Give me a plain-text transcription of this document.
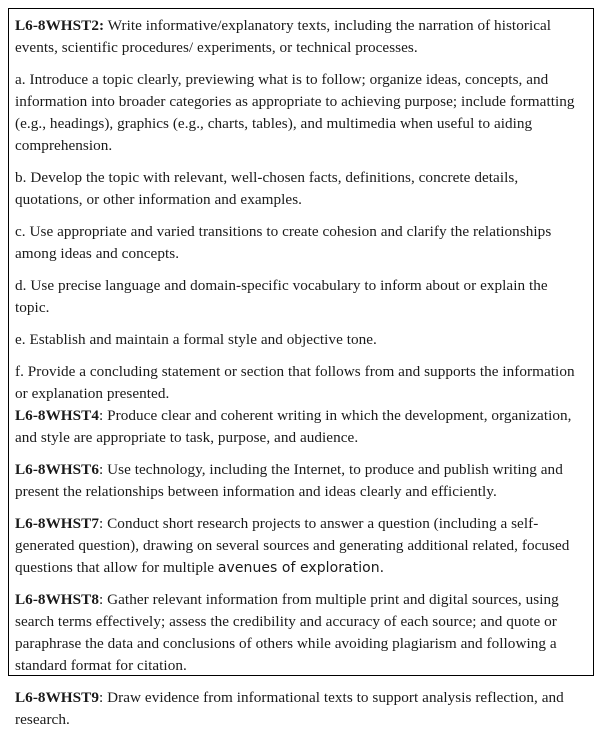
L6-8WHST2: Write informative/explanatory texts, including the narration of historical events, scientific procedures/ experiments, or technical processes.

a. Introduce a topic clearly, previewing what is to follow; organize ideas, concepts, and information into broader categories as appropriate to achieving purpose; include formatting (e.g., headings), graphics (e.g., charts, tables), and multimedia when useful to aiding comprehension.

b. Develop the topic with relevant, well-chosen facts, definitions, concrete details, quotations, or other information and examples.

c. Use appropriate and varied transitions to create cohesion and clarify the relationships among ideas and concepts.

d. Use precise language and domain-specific vocabulary to inform about or explain the topic.

e. Establish and maintain a formal style and objective tone.

f. Provide a concluding statement or section that follows from and supports the information or explanation presented.

L6-8WHST4: Produce clear and coherent writing in which the development, organization, and style are appropriate to task, purpose, and audience.

L6-8WHST6: Use technology, including the Internet, to produce and publish writing and present the relationships between information and ideas clearly and efficiently.

L6-8WHST7: Conduct short research projects to answer a question (including a self-generated question), drawing on several sources and generating additional related, focused questions that allow for multiple avenues of exploration.

L6-8WHST8: Gather relevant information from multiple print and digital sources, using search terms effectively; assess the credibility and accuracy of each source; and quote or paraphrase the data and conclusions of others while avoiding plagiarism and following a standard format for citation.

L6-8WHST9: Draw evidence from informational texts to support analysis reflection, and research.
